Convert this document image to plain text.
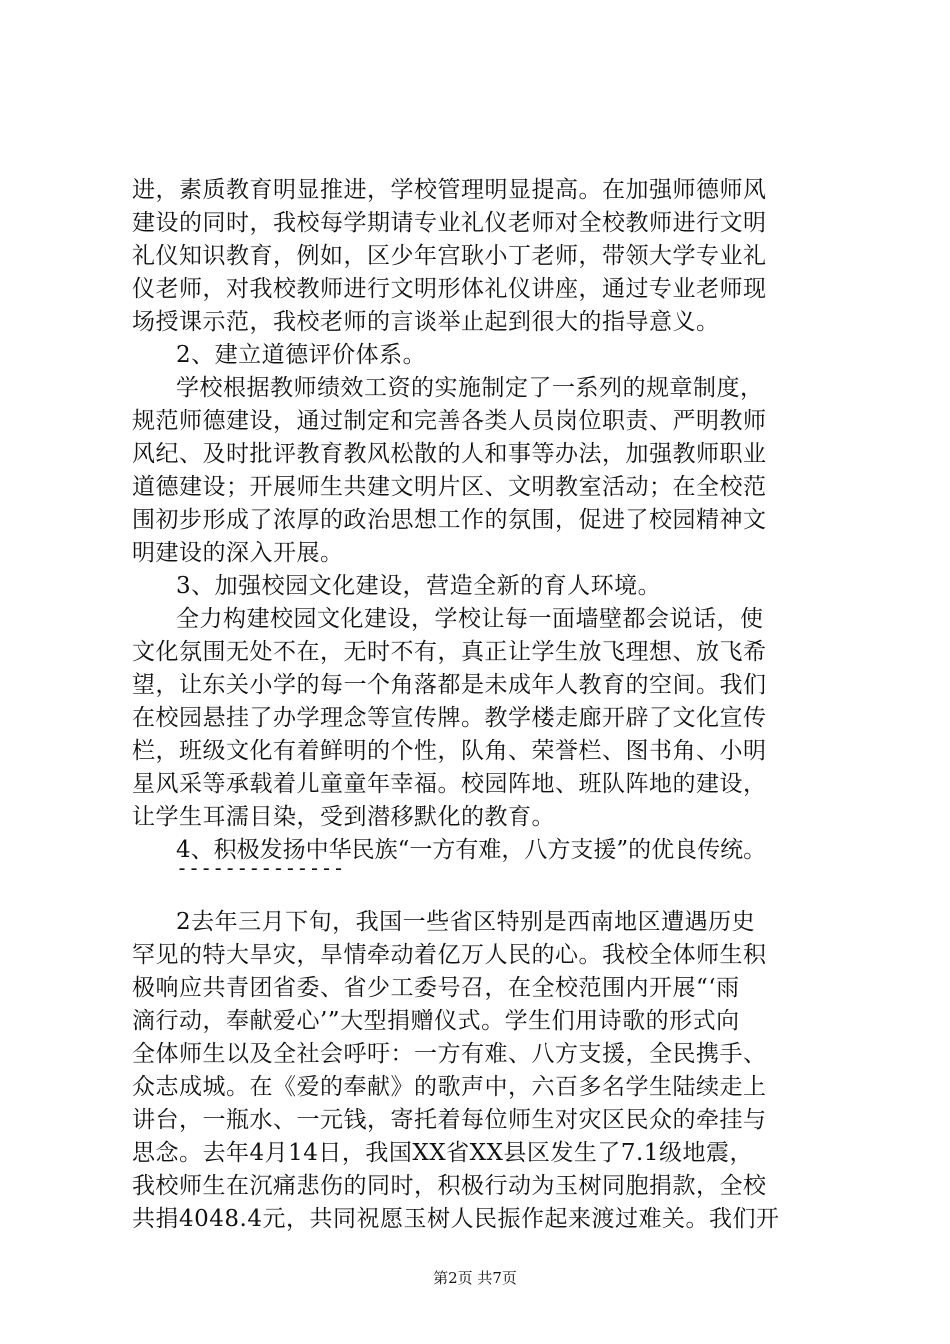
进，素质教育明显推进，学校管理明显提高。在加强师德师风
建设的同时，我校每学期请专业礼仪老师对全校教师进行文明
礼仪知识教育，例如，区少年宫耿小丁老师，带领大学专业礼
仪老师，对我校教师进行文明形体礼仪讲座，通过专业老师现
场授课示范，我校老师的言谈举止起到很大的指导意义。
2、建立道德评价体系。
学校根据教师绩效工资的实施制定了一系列的规章制度，
规范师德建设，通过制定和完善各类人员岗位职责、严明教师
风纪、及时批评教育教风松散的人和事等办法，加强教师职业
道德建设；开展师生共建文明片区、文明教室活动；在全校范
围初步形成了浓厚的政治思想工作的氛围，促进了校园精神文
明建设的深入开展。
3、加强校园文化建设，营造全新的育人环境。
全力构建校园文化建设，学校让每一面墙壁都会说话，使
文化氛围无处不在，无时不有，真正让学生放飞理想、放飞希
望，让东关小学的每一个角落都是未成年人教育的空间。我们
在校园悬挂了办学理念等宣传牌。教学楼走廊开辟了文化宣传
栏，班级文化有着鲜明的个性，队角、荣誉栏、图书角、小明
星风采等承载着儿童童年幸福。校园阵地、班队阵地的建设，
让学生耳濡目染，受到潜移默化的教育。
4、积极发扬中华民族“一方有难，八方支援”的优良传统。
--------------
2去年三月下旬，我国一些省区特别是西南地区遭遇历史
罕见的特大旱灾，旱情牵动着亿万人民的心。我校全体师生积
极响应共青团省委、省少工委号召，在全校范围内开展“‘雨
滴行动，奉献爱心’”大型捐赠仪式。学生们用诗歌的形式向
全体师生以及全社会呼吁：一方有难、八方支援，全民携手、
众志成城。在《爱的奉献》的歌声中，六百多名学生陆续走上
讲台，一瓶水、一元钱，寄托着每位师生对灾区民众的牵挂与
思念。去年4月14日，我国XX省XX县区发生了7.1级地震，
我校师生在沉痛悲伤的同时，积极行动为玉树同胞捐款，全校
共捐4048.4元，共同祝愿玉树人民振作起来渡过难关。我们开
第2页 共7页
